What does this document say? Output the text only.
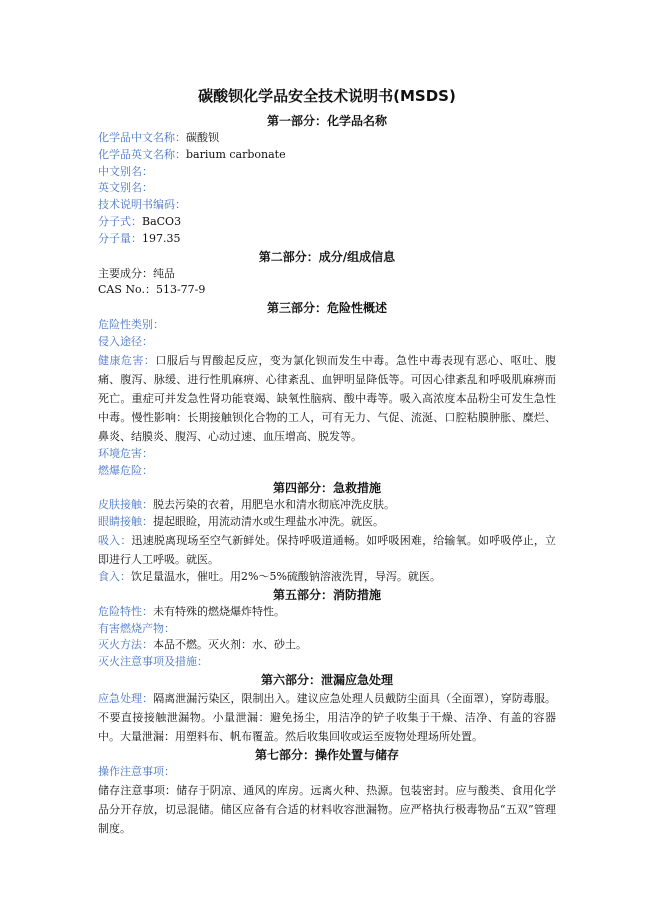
碳酸钡化学品安全技术说明书(MSDS)

第一部分：化学品名称

化学品中文名称：碳酸钡

化学品英文名称：barium carbonate

中文别名：

英文别名：

技术说明书编码：

分子式：BaCO3

分子量：197.35

第二部分：成分/组成信息

主要成分：纯品

CAS No.：513-77-9

第三部分：危险性概述

危险性类别：

侵入途径：

健康危害：口服后与胃酸起反应，变为氯化钡而发生中毒。急性中毒表现有恶心、呕吐、腹痛、腹泻、脉缓、进行性肌麻痹、心律紊乱、血钾明显降低等。可因心律紊乱和呼吸肌麻痹而死亡。重症可并发急性肾功能衰竭、缺氧性脑病、酸中毒等。吸入高浓度本品粉尘可发生急性中毒。慢性影响：长期接触钡化合物的工人，可有无力、气促、流涎、口腔粘膜肿胀、糜烂、鼻炎、结膜炎、腹泻、心动过速、血压增高、脱发等。

环境危害：

燃爆危险：

第四部分：急救措施

皮肤接触：脱去污染的衣着，用肥皂水和清水彻底冲洗皮肤。

眼睛接触：提起眼睑，用流动清水或生理盐水冲洗。就医。

吸入：迅速脱离现场至空气新鲜处。保持呼吸道通畅。如呼吸困难，给输氧。如呼吸停止，立即进行人工呼吸。就医。

食入：饮足量温水，催吐。用2%～5%硫酸钠溶液洗胃，导泻。就医。

第五部分：消防措施

危险特性：未有特殊的燃烧爆炸特性。

有害燃烧产物：

灭火方法：本品不燃。灭火剂：水、砂土。

灭火注意事项及措施：

第六部分：泄漏应急处理

应急处理：隔离泄漏污染区，限制出入。建议应急处理人员戴防尘面具（全面罩），穿防毒服。不要直接接触泄漏物。小量泄漏：避免扬尘，用洁净的铲子收集于干燥、洁净、有盖的容器中。大量泄漏：用塑料布、帆布覆盖。然后收集回收或运至废物处理场所处置。

第七部分：操作处置与储存

操作注意事项：

储存注意事项：储存于阴凉、通风的库房。远离火种、热源。包装密封。应与酸类、食用化学品分开存放，切忌混储。储区应备有合适的材料收容泄漏物。应严格执行极毒物品“五双”管理制度。
